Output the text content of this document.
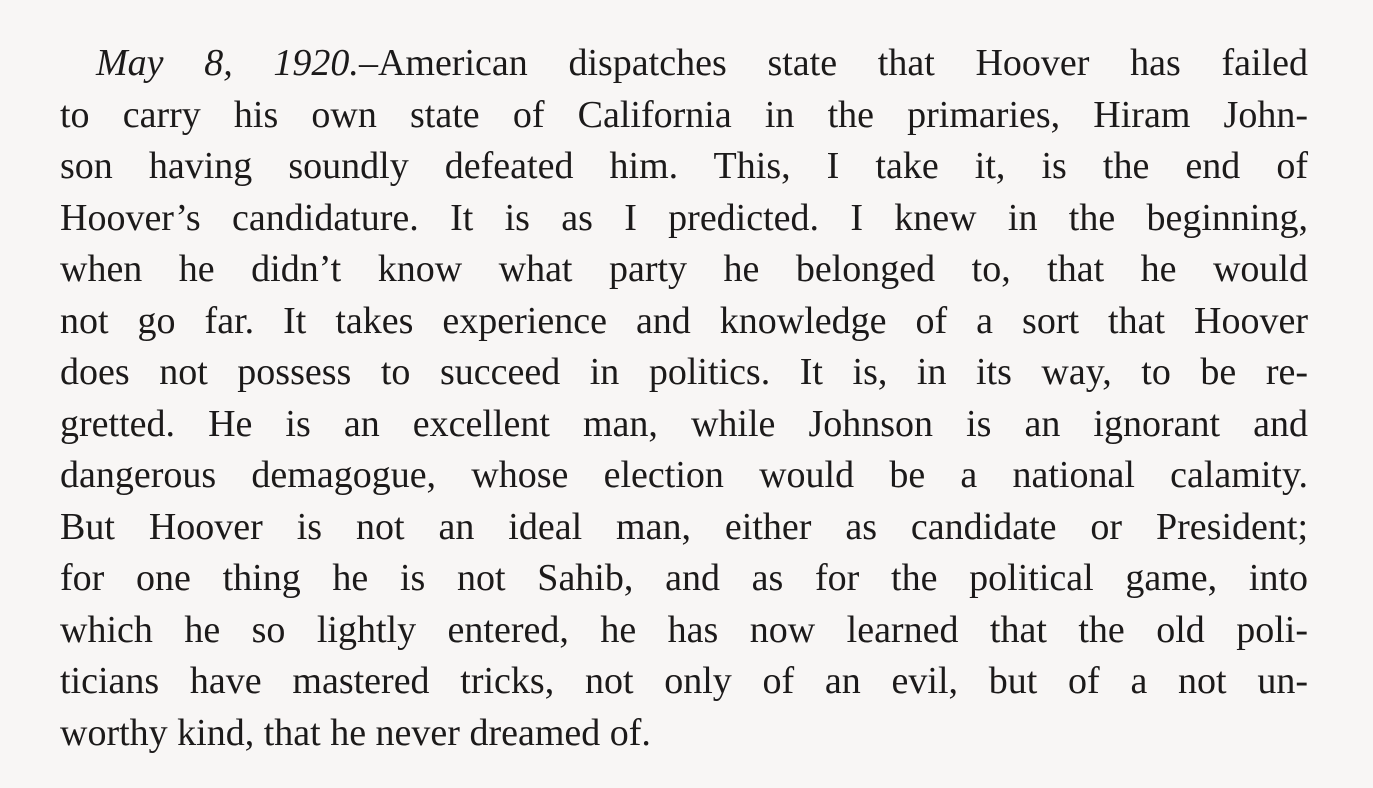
May 8, 1920.–American dispatches state that Hoover has failed
to carry his own state of California in the primaries, Hiram John-
son having soundly defeated him. This, I take it, is the end of
Hoover’s candidature. It is as I predicted. I knew in the beginning,
when he didn’t know what party he belonged to, that he would
not go far. It takes experience and knowledge of a sort that Hoover
does not possess to succeed in politics. It is, in its way, to be re-
gretted. He is an excellent man, while Johnson is an ignorant and
dangerous demagogue, whose election would be a national calamity.
But Hoover is not an ideal man, either as candidate or President;
for one thing he is not Sahib, and as for the political game, into
which he so lightly entered, he has now learned that the old poli-
ticians have mastered tricks, not only of an evil, but of a not un-
worthy kind, that he never dreamed of.
